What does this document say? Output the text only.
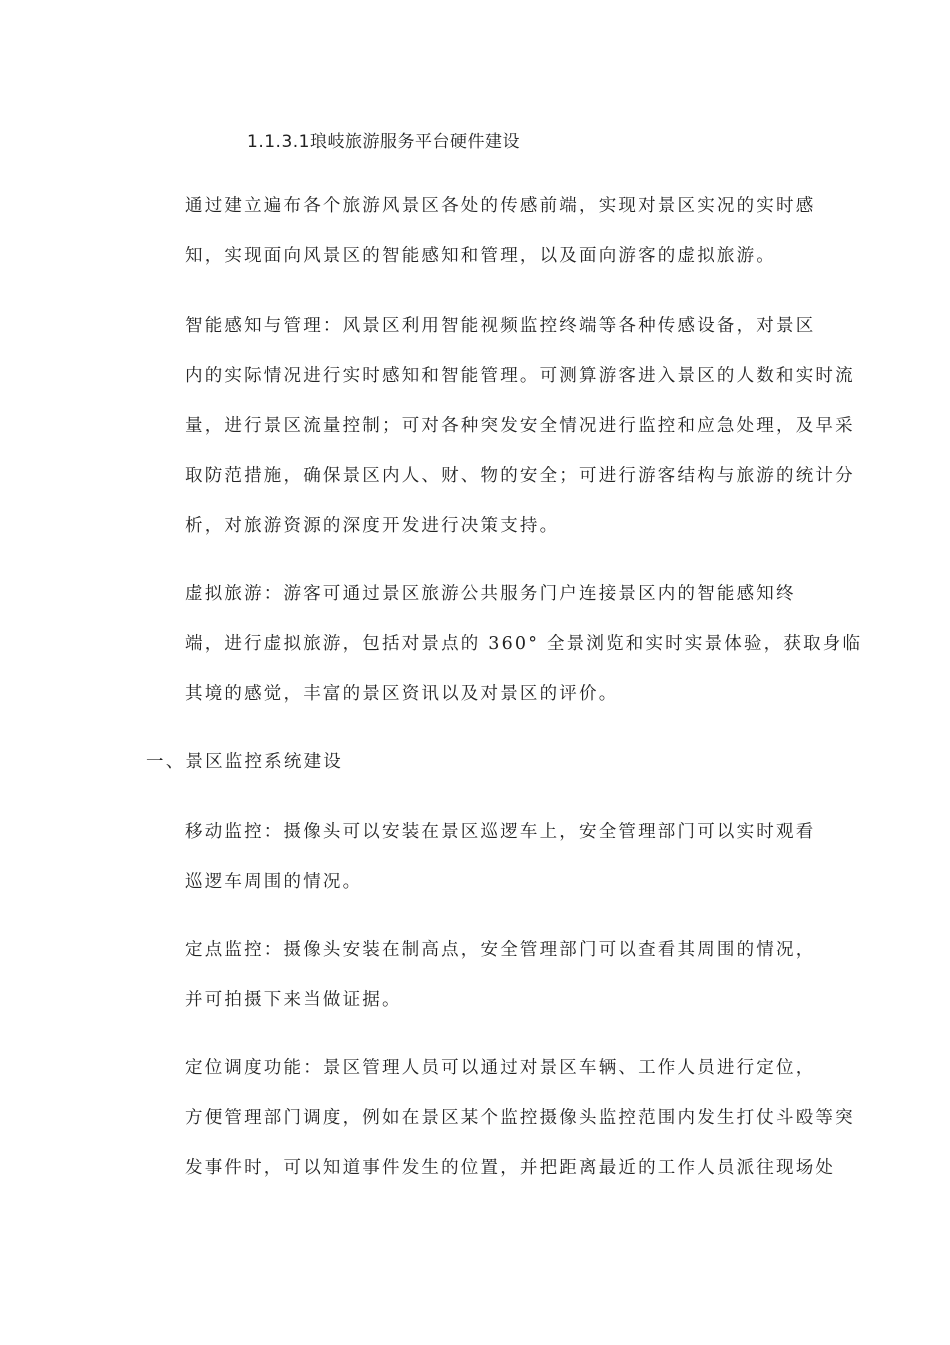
1.1.3.1琅岐旅游服务平台硬件建设

通过建立遍布各个旅游风景区各处的传感前端，实现对景区实况的实时感
知，实现面向风景区的智能感知和管理，以及面向游客的虚拟旅游。

智能感知与管理：风景区利用智能视频监控终端等各种传感设备，对景区
内的实际情况进行实时感知和智能管理。可测算游客进入景区的人数和实时流
量，进行景区流量控制；可对各种突发安全情况进行监控和应急处理，及早采
取防范措施，确保景区内人、财、物的安全；可进行游客结构与旅游的统计分
析，对旅游资源的深度开发进行决策支持。

虚拟旅游：游客可通过景区旅游公共服务门户连接景区内的智能感知终
端，进行虚拟旅游，包括对景点的 360° 全景浏览和实时实景体验，获取身临
其境的感觉，丰富的景区资讯以及对景区的评价。

一、景区监控系统建设

移动监控：摄像头可以安装在景区巡逻车上，安全管理部门可以实时观看
巡逻车周围的情况。

定点监控：摄像头安装在制高点，安全管理部门可以查看其周围的情况，
并可拍摄下来当做证据。

定位调度功能：景区管理人员可以通过对景区车辆、工作人员进行定位，
方便管理部门调度，例如在景区某个监控摄像头监控范围内发生打仗斗殴等突
发事件时，可以知道事件发生的位置，并把距离最近的工作人员派往现场处
